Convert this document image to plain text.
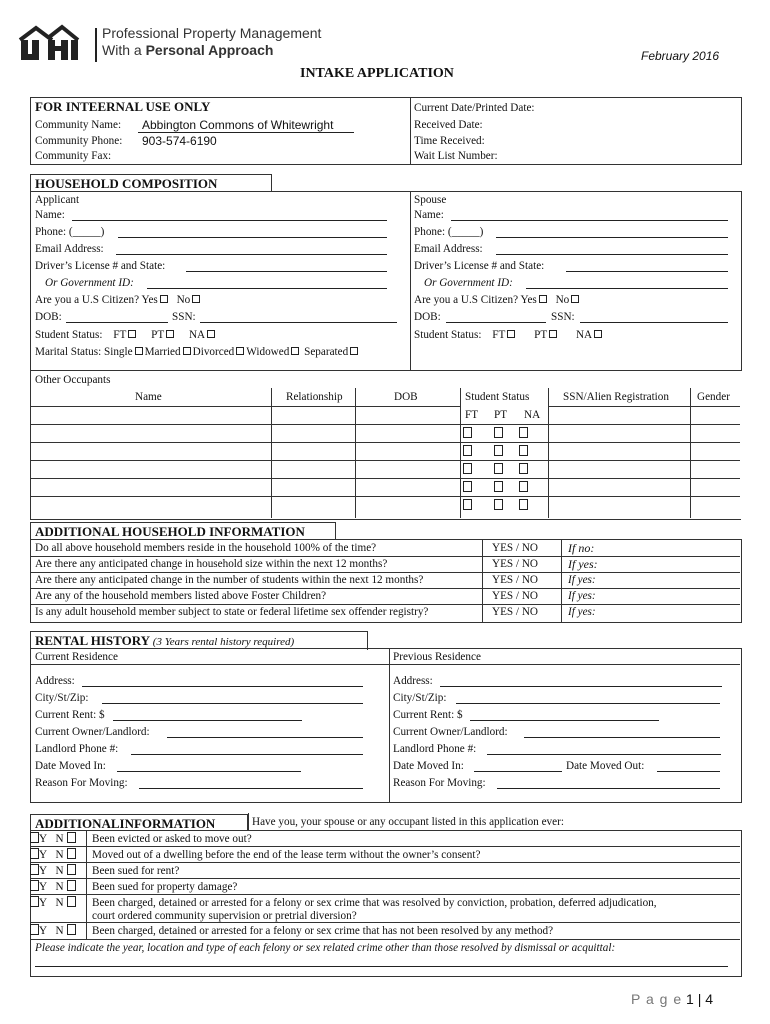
Professional Property Management
With a Personal Approach	February 2016
INTAKE APPLICATION
FOR INTEERNAL USE ONLY
Community Name: Abbington Commons of Whitewright
Community Phone: 903-574-6190
Community Fax:
Current Date/Printed Date:
Received Date:
Time Received:
Wait List Number:
HOUSEHOLD COMPOSITION
Applicant
Name:
Phone: (_____)
Email Address:
Driver’s License # and State:
Or Government ID:
Are you a U.S Citizen? Yes No
DOB:	SSN:
Student Status: FT PT NA
Marital Status: Single Married Divorced Widowed Separated
Spouse
Name:
Phone: (_____)
Email Address:
Driver’s License # and State:
Or Government ID:
Are you a U.S Citizen? Yes No
DOB:	SSN:
Student Status: FT	PT	NA
Other Occupants
Name	Relationship	DOB	Student Status	SSN/Alien Registration	Gender
FT PT NA
ADDITIONAL HOUSEHOLD INFORMATION
Do all above household members reside in the household 100% of the time?	YES / NO	If no:
Are there any anticipated change in household size within the next 12 months?	YES / NO	If yes:
Are there any anticipated change in the number of students within the next 12 months?	YES / NO	If yes:
Are any of the household members listed above Foster Children?	YES / NO	If yes:
Is any adult household member subject to state or federal lifetime sex offender registry?	YES / NO	If yes:
RENTAL HISTORY (3 Years rental history required)
Current Residence	Previous Residence
Address:
City/St/Zip:
Current Rent: $
Current Owner/Landlord:
Landlord Phone #:
Date Moved In:
Reason For Moving:
Address:
City/St/Zip:
Current Rent: $
Current Owner/Landlord:
Landlord Phone #:
Date Moved In:	Date Moved Out:
Reason For Moving:
ADDITIONALINFORMATION	Have you, your spouse or any occupant listed in this application ever:
Y N	Been evicted or asked to move out?
Y N	Moved out of a dwelling before the end of the lease term without the owner’s consent?
Y N	Been sued for rent?
Y N	Been sued for property damage?
Y N	Been charged, detained or arrested for a felony or sex crime that was resolved by conviction, probation, deferred adjudication,
court ordered community supervision or pretrial diversion?
Y N	Been charged, detained or arrested for a felony or sex crime that has not been resolved by any method?
Please indicate the year, location and type of each felony or sex related crime other than those resolved by dismissal or acquittal:
P a g e 1 | 4
